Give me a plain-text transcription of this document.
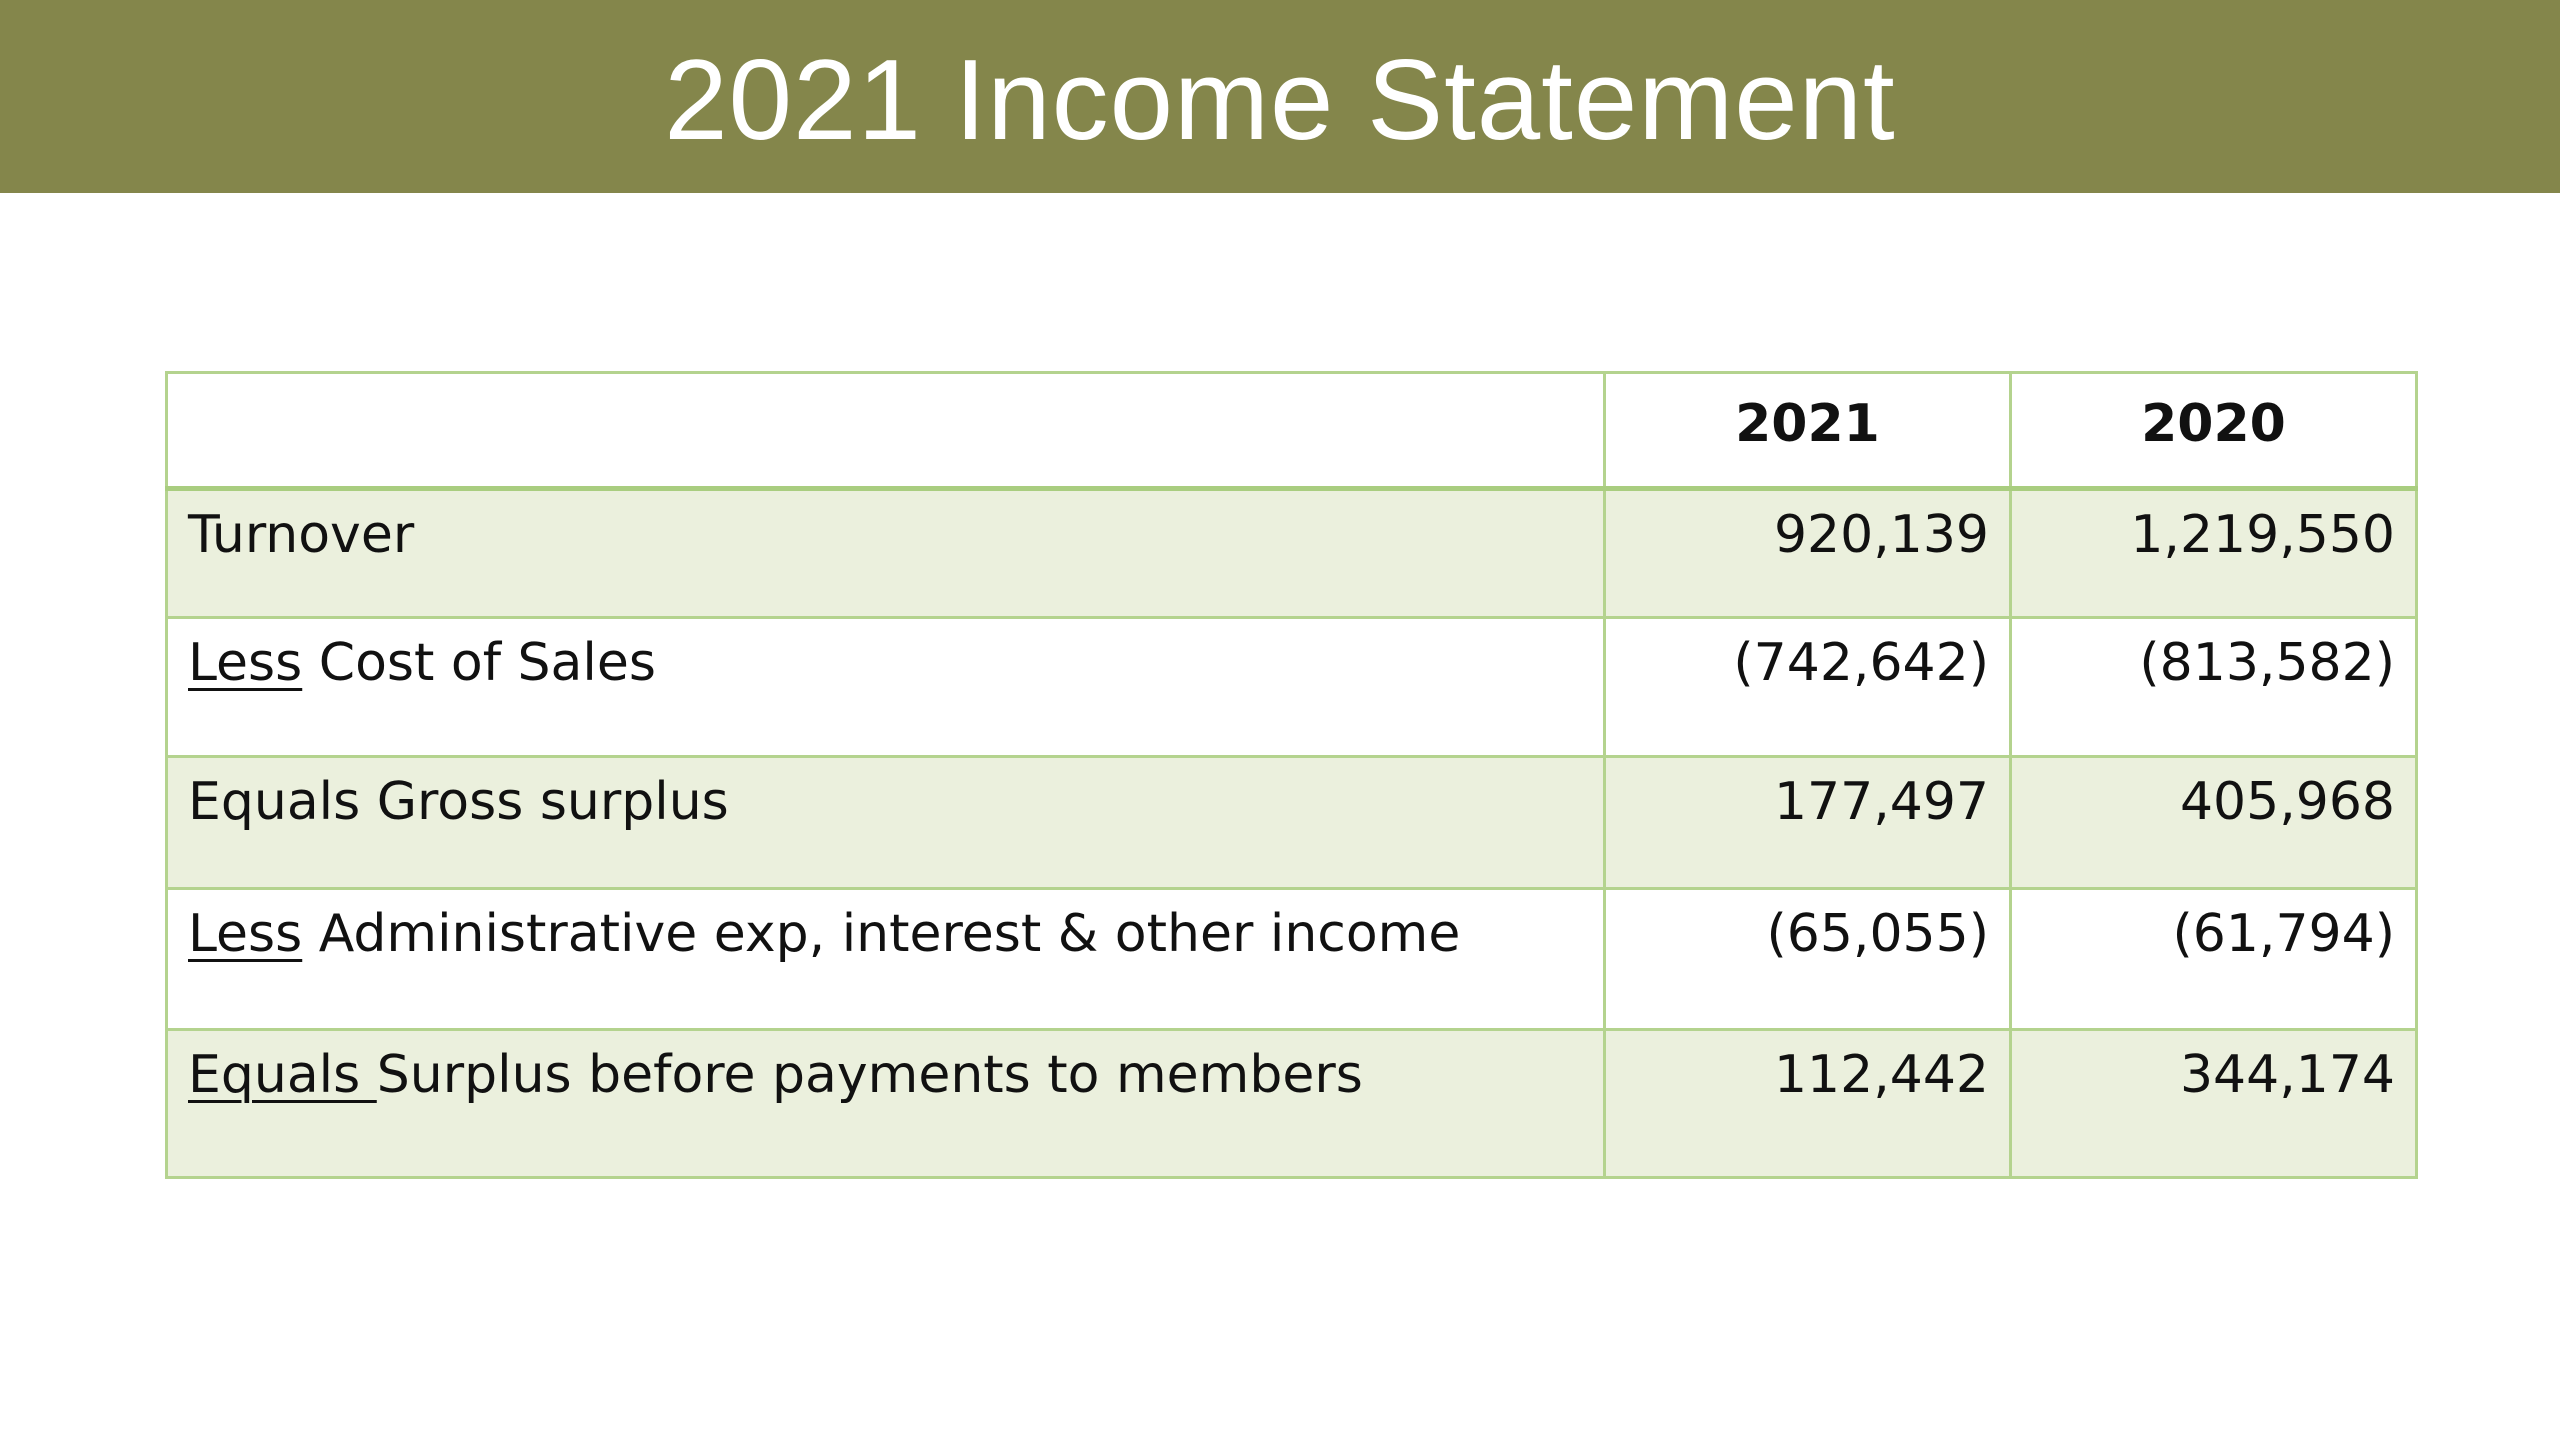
2021 Income Statement
	2021	2020
Turnover	920,139	1,219,550
Less Cost of Sales	(742,642)	(813,582)
Equals Gross surplus	177,497	405,968
Less Administrative exp, interest & other income	(65,055)	(61,794)
Equals Surplus before payments to members	112,442	344,174
